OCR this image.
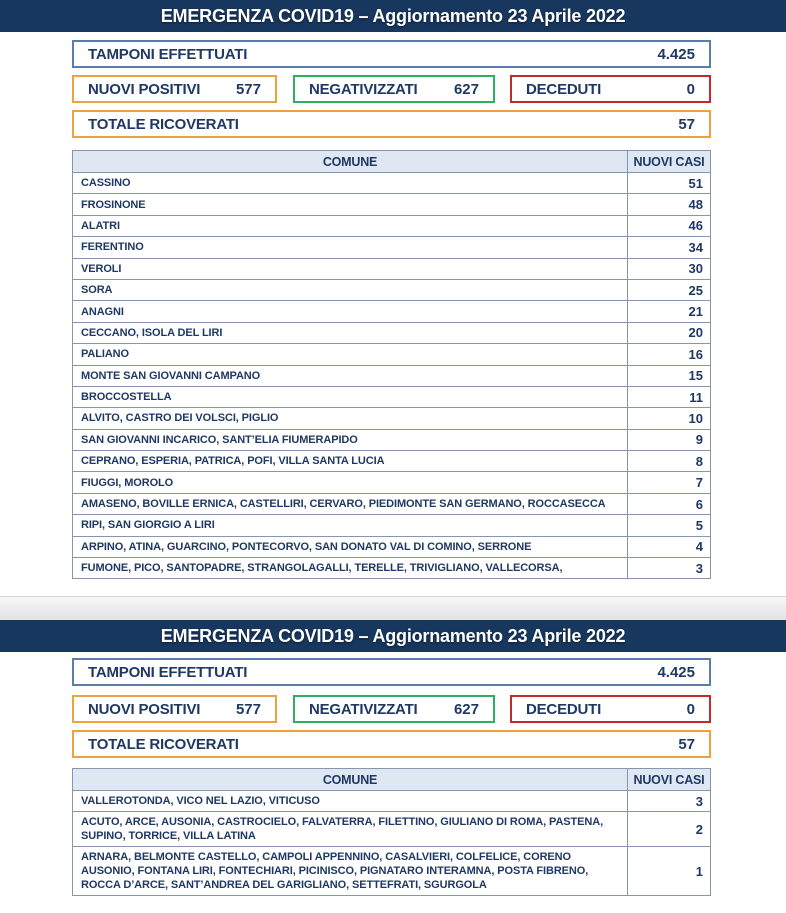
EMERGENZA COVID19 – Aggiornamento 23 Aprile 2022
TAMPONI EFFETTUATI	4.425
NUOVI POSITIVI 577	NEGATIVIZZATI 627	DECEDUTI	0
TOTALE RICOVERATI	57
COMUNE	NUOVI CASI
CASSINO	51
FROSINONE	48
ALATRI	46
FERENTINO	34
VEROLI	30
SORA	25
ANAGNI	21
CECCANO, ISOLA DEL LIRI	20
PALIANO	16
MONTE SAN GIOVANNI CAMPANO	15
BROCCOSTELLA	11
ALVITO, CASTRO DEI VOLSCI, PIGLIO	10
SAN GIOVANNI INCARICO, SANT’ELIA FIUMERAPIDO	9
CEPRANO, ESPERIA, PATRICA, POFI, VILLA SANTA LUCIA	8
FIUGGI, MOROLO	7
AMASENO, BOVILLE ERNICA, CASTELLIRI, CERVARO, PIEDIMONTE SAN GERMANO, ROCCASECCA	6
RIPI, SAN GIORGIO A LIRI	5
ARPINO, ATINA, GUARCINO, PONTECORVO, SAN DONATO VAL DI COMINO, SERRONE	4
FUMONE, PICO, SANTOPADRE, STRANGOLAGALLI, TERELLE, TRIVIGLIANO, VALLECORSA,	3
EMERGENZA COVID19 – Aggiornamento 23 Aprile 2022
TAMPONI EFFETTUATI	4.425
NUOVI POSITIVI 577	NEGATIVIZZATI 627	DECEDUTI	0
TOTALE RICOVERATI	57
COMUNE	NUOVI CASI
VALLEROTONDA, VICO NEL LAZIO, VITICUSO	3
ACUTO, ARCE, AUSONIA, CASTROCIELO, FALVATERRA, FILETTINO, GIULIANO DI ROMA, PASTENA, SUPINO, TORRICE, VILLA LATINA	2
ARNARA, BELMONTE CASTELLO, CAMPOLI APPENNINO, CASALVIERI, COLFELICE, CORENO AUSONIO, FONTANA LIRI, FONTECHIARI, PICINISCO, PIGNATARO INTERAMNA, POSTA FIBRENO, ROCCA D’ARCE, SANT’ANDREA DEL GARIGLIANO, SETTEFRATI, SGURGOLA	1
